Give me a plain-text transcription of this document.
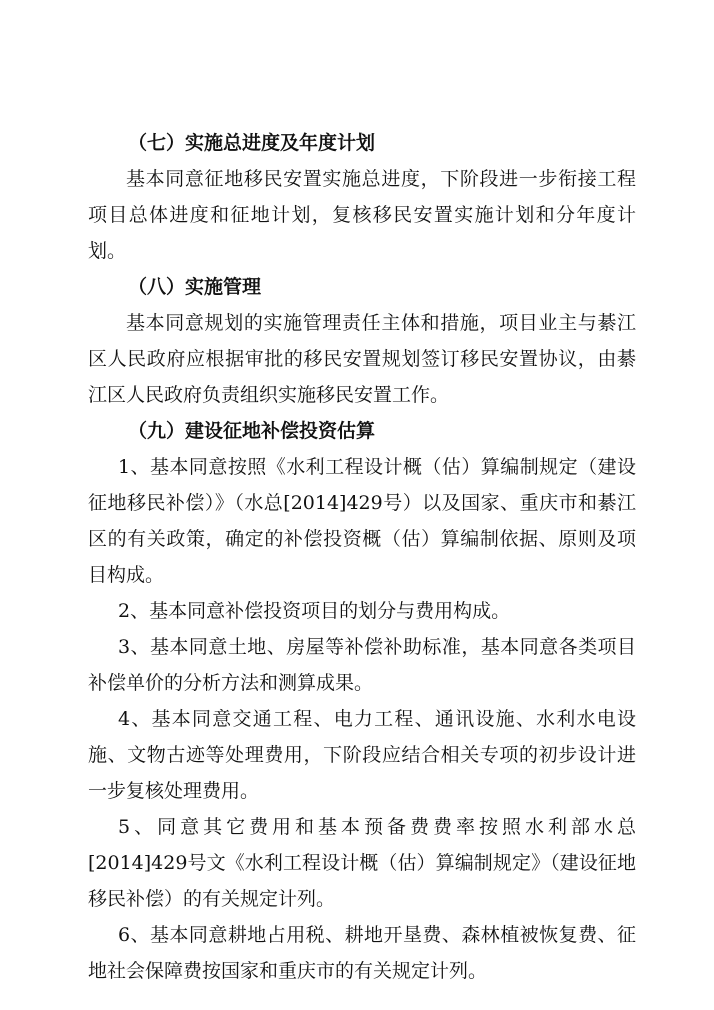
（七）实施总进度及年度计划

基本同意征地移民安置实施总进度，下阶段进一步衔接工程项目总体进度和征地计划，复核移民安置实施计划和分年度计划。

（八）实施管理

基本同意规划的实施管理责任主体和措施，项目业主与綦江区人民政府应根据审批的移民安置规划签订移民安置协议，由綦江区人民政府负责组织实施移民安置工作。

（九）建设征地补偿投资估算

1、基本同意按照《水利工程设计概（估）算编制规定（建设征地移民补偿）》（水总[2014]429号）以及国家、重庆市和綦江区的有关政策，确定的补偿投资概（估）算编制依据、原则及项目构成。

2、基本同意补偿投资项目的划分与费用构成。

3、基本同意土地、房屋等补偿补助标准，基本同意各类项目补偿单价的分析方法和测算成果。

4、基本同意交通工程、电力工程、通讯设施、水利水电设施、文物古迹等处理费用，下阶段应结合相关专项的初步设计进一步复核处理费用。

5、同意其它费用和基本预备费费率按照水利部水总[2014]429号文《水利工程设计概（估）算编制规定》（建设征地移民补偿）的有关规定计列。

6、基本同意耕地占用税、耕地开垦费、森林植被恢复费、征地社会保障费按国家和重庆市的有关规定计列。
